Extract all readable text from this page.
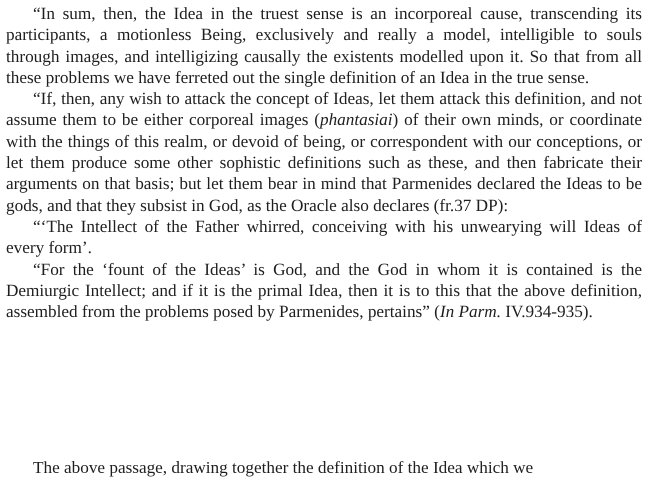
“In sum, then, the Idea in the truest sense is an incorporeal cause, transcending its participants, a motionless Being, exclusively and really a model, intelligible to souls through images, and intelligizing causally the existents modelled upon it. So that from all these problems we have ferreted out the single definition of an Idea in the true sense.

“If, then, any wish to attack the concept of Ideas, let them attack this definition, and not assume them to be either corporeal images (phantasiai) of their own minds, or coordinate with the things of this realm, or devoid of being, or correspondent with our conceptions, or let them produce some other sophistic definitions such as these, and then fabricate their arguments on that basis; but let them bear in mind that Parmenides declared the Ideas to be gods, and that they subsist in God, as the Oracle also declares (fr.37 DP):

“‘The Intellect of the Father whirred, conceiving with his unwearying will Ideas of every form’.

“For the ‘fount of the Ideas’ is God, and the God in whom it is contained is the Demiurgic Intellect; and if it is the primal Idea, then it is to this that the above definition, assembled from the problems posed by Parmenides, pertains” (In Parm. IV.934-935).

The above passage, drawing together the definition of the Idea which we
